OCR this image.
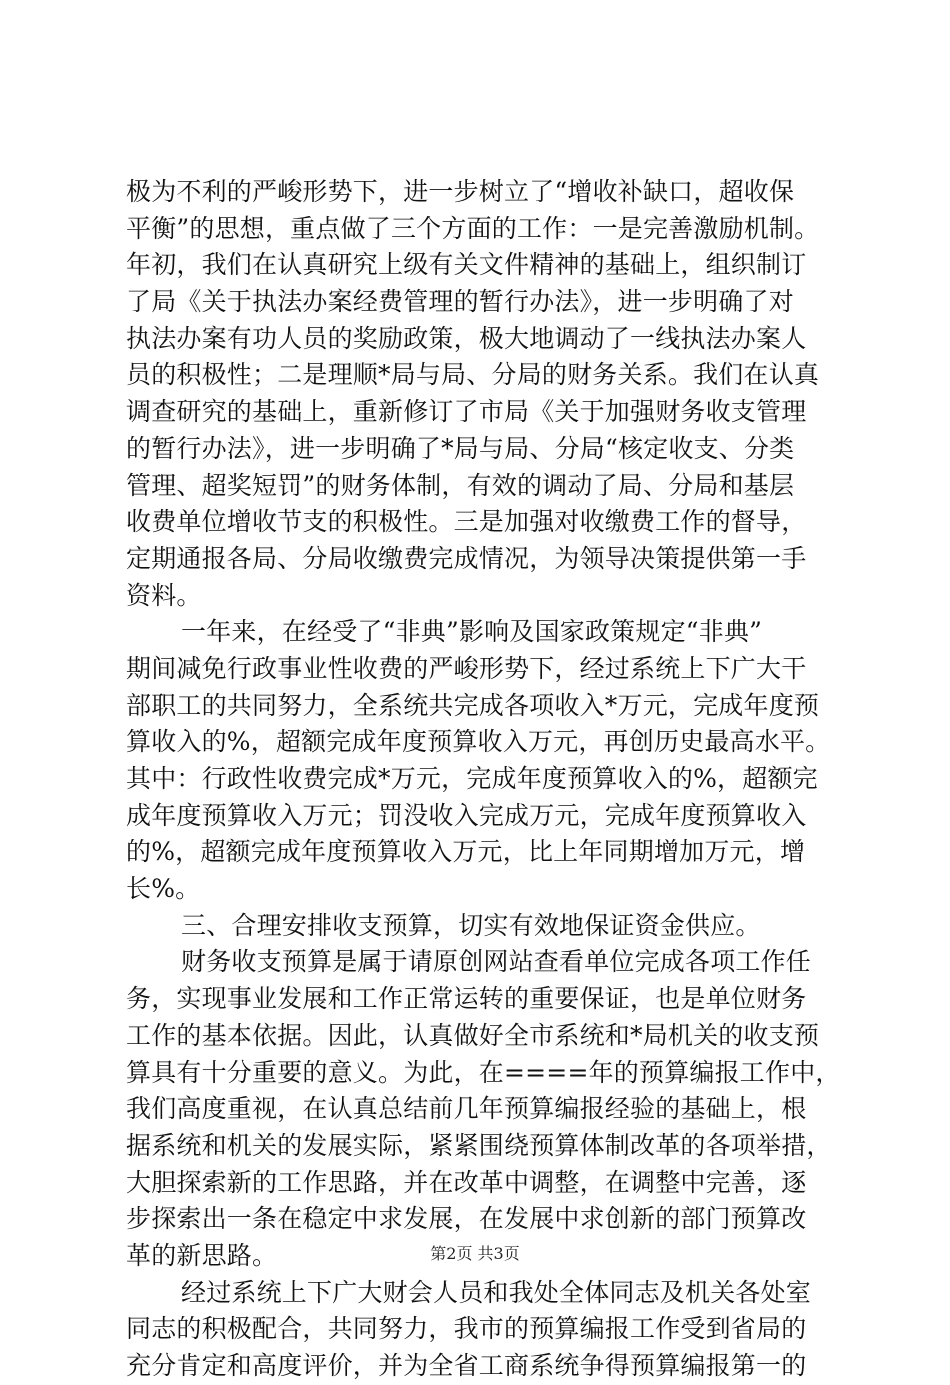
极为不利的严峻形势下，进一步树立了“增收补缺口，超收保
平衡”的思想，重点做了三个方面的工作：一是完善激励机制。
年初，我们在认真研究上级有关文件精神的基础上，组织制订
了局《关于执法办案经费管理的暂行办法》，进一步明确了对
执法办案有功人员的奖励政策，极大地调动了一线执法办案人
员的积极性；二是理顺*局与局、分局的财务关系。我们在认真
调查研究的基础上，重新修订了市局《关于加强财务收支管理
的暂行办法》，进一步明确了*局与局、分局“核定收支、分类
管理、超奖短罚”的财务体制，有效的调动了局、分局和基层
收费单位增收节支的积极性。三是加强对收缴费工作的督导，
定期通报各局、分局收缴费完成情况，为领导决策提供第一手
资料。
一年来，在经受了“非典”影响及国家政策规定“非典”
期间减免行政事业性收费的严峻形势下，经过系统上下广大干
部职工的共同努力，全系统共完成各项收入*万元，完成年度预
算收入的%，超额完成年度预算收入万元，再创历史最高水平。
其中：行政性收费完成*万元，完成年度预算收入的%，超额完
成年度预算收入万元；罚没收入完成万元，完成年度预算收入
的%，超额完成年度预算收入万元，比上年同期增加万元，增
长%。
三、合理安排收支预算，切实有效地保证资金供应。
财务收支预算是属于请原创网站查看单位完成各项工作任
务，实现事业发展和工作正常运转的重要保证，也是单位财务
工作的基本依据。因此，认真做好全市系统和*局机关的收支预
算具有十分重要的意义。为此，在====年的预算编报工作中，
我们高度重视，在认真总结前几年预算编报经验的基础上，根
据系统和机关的发展实际，紧紧围绕预算体制改革的各项举措，
大胆探索新的工作思路，并在改革中调整，在调整中完善，逐
步探索出一条在稳定中求发展，在发展中求创新的部门预算改
革的新思路。
经过系统上下广大财会人员和我处全体同志及机关各处室
同志的积极配合，共同努力，我市的预算编报工作受到省局的
充分肯定和高度评价，并为全省工商系统争得预算编报第一的
第2页 共3页
